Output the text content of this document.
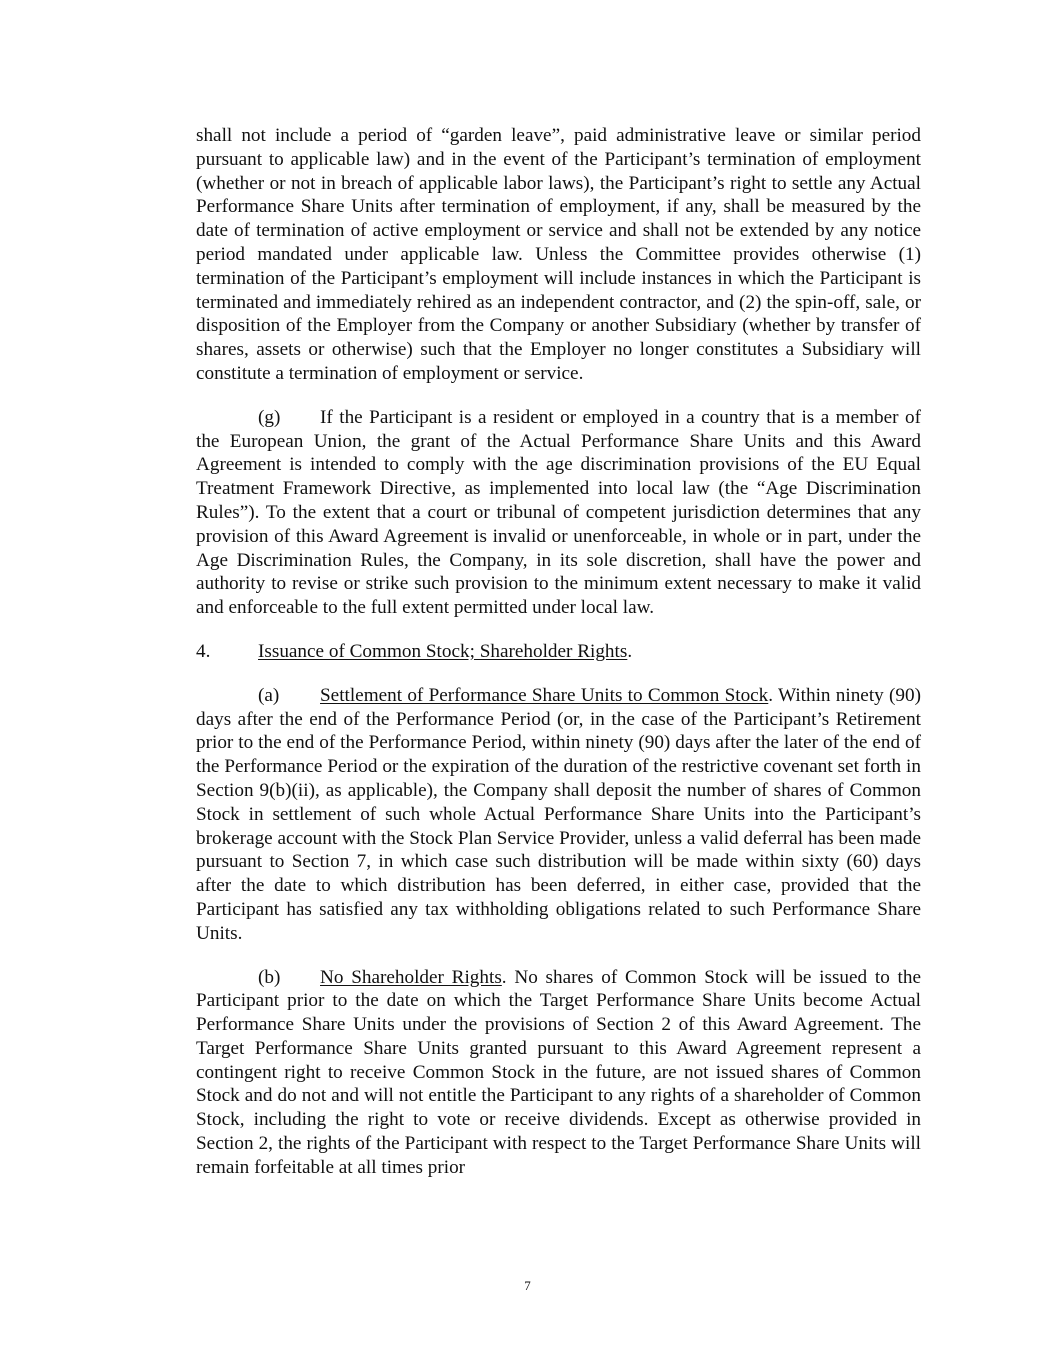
shall not include a period of “garden leave”, paid administrative leave or similar period pursuant to applicable law) and in the event of the Participant’s termination of employment (whether or not in breach of applicable labor laws), the Participant’s right to settle any Actual Performance Share Units after termination of employment, if any, shall be measured by the date of termination of active employment or service and shall not be extended by any notice period mandated under applicable law. Unless the Committee provides otherwise (1) termination of the Participant’s employment will include instances in which the Participant is terminated and immediately rehired as an independent contractor, and (2) the spin-off, sale, or disposition of the Employer from the Company or another Subsidiary (whether by transfer of shares, assets or otherwise) such that the Employer no longer constitutes a Subsidiary will constitute a termination of employment or service.

(g) If the Participant is a resident or employed in a country that is a member of the European Union, the grant of the Actual Performance Share Units and this Award Agreement is intended to comply with the age discrimination provisions of the EU Equal Treatment Framework Directive, as implemented into local law (the “Age Discrimination Rules”). To the extent that a court or tribunal of competent jurisdiction determines that any provision of this Award Agreement is invalid or unenforceable, in whole or in part, under the Age Discrimination Rules, the Company, in its sole discretion, shall have the power and authority to revise or strike such provision to the minimum extent necessary to make it valid and enforceable to the full extent permitted under local law.

4. Issuance of Common Stock; Shareholder Rights.

(a) Settlement of Performance Share Units to Common Stock. Within ninety (90) days after the end of the Performance Period (or, in the case of the Participant’s Retirement prior to the end of the Performance Period, within ninety (90) days after the later of the end of the Performance Period or the expiration of the duration of the restrictive covenant set forth in Section 9(b)(ii), as applicable), the Company shall deposit the number of shares of Common Stock in settlement of such whole Actual Performance Share Units into the Participant’s brokerage account with the Stock Plan Service Provider, unless a valid deferral has been made pursuant to Section 7, in which case such distribution will be made within sixty (60) days after the date to which distribution has been deferred, in either case, provided that the Participant has satisfied any tax withholding obligations related to such Performance Share Units.

(b) No Shareholder Rights. No shares of Common Stock will be issued to the Participant prior to the date on which the Target Performance Share Units become Actual Performance Share Units under the provisions of Section 2 of this Award Agreement. The Target Performance Share Units granted pursuant to this Award Agreement represent a contingent right to receive Common Stock in the future, are not issued shares of Common Stock and do not and will not entitle the Participant to any rights of a shareholder of Common Stock, including the right to vote or receive dividends. Except as otherwise provided in Section 2, the rights of the Participant with respect to the Target Performance Share Units will remain forfeitable at all times prior

7
